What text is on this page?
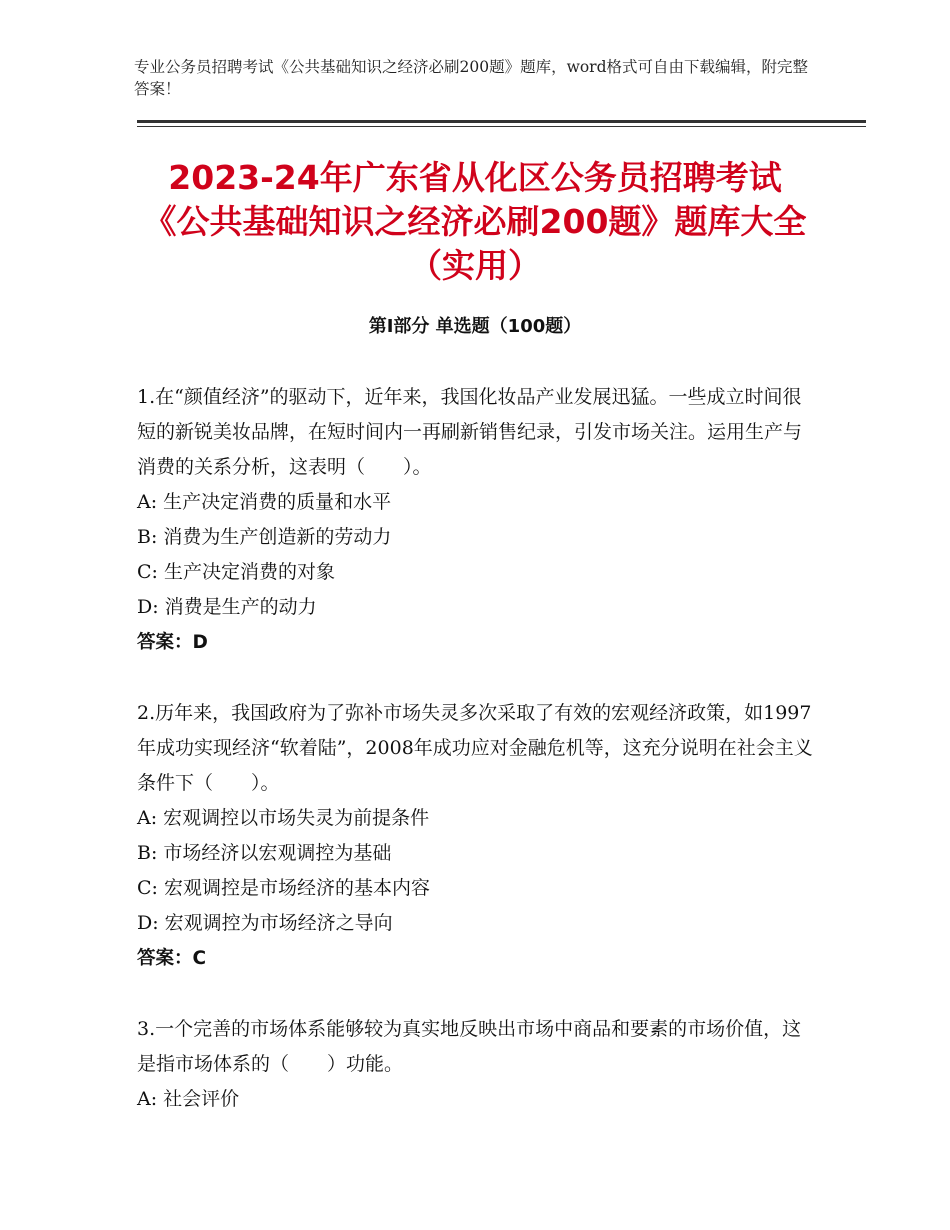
专业公务员招聘考试《公共基础知识之经济必刷200题》题库，word格式可自由下载编辑，附完整答案！
2023-24年广东省从化区公务员招聘考试《公共基础知识之经济必刷200题》题库大全（实用）
第Ⅰ部分 单选题（100题）

1.在“颜值经济”的驱动下，近年来，我国化妆品产业发展迅猛。一些成立时间很短的新锐美妆品牌，在短时间内一再刷新销售纪录，引发市场关注。运用生产与消费的关系分析，这表明（　　）。

A: 生产决定消费的质量和水平

B: 消费为生产创造新的劳动力

C: 生产决定消费的对象

D: 消费是生产的动力

答案：D

2.历年来，我国政府为了弥补市场失灵多次采取了有效的宏观经济政策，如1997年成功实现经济“软着陆”，2008年成功应对金融危机等，这充分说明在社会主义条件下（　　）。

A: 宏观调控以市场失灵为前提条件

B: 市场经济以宏观调控为基础

C: 宏观调控是市场经济的基本内容

D: 宏观调控为市场经济之导向

答案：C

3.一个完善的市场体系能够较为真实地反映出市场中商品和要素的市场价值，这是指市场体系的（　　）功能。

A: 社会评价
